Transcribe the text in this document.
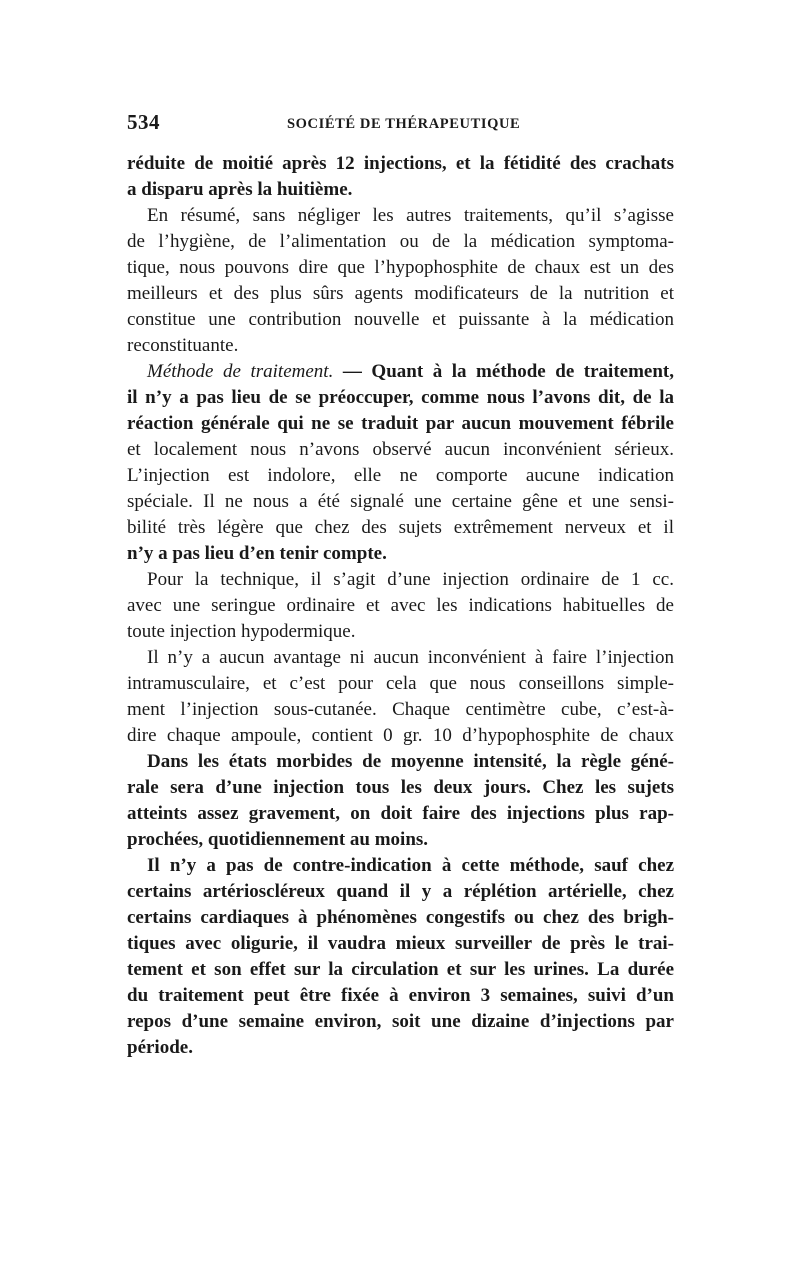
534	SOCIÉTÉ DE THÉRAPEUTIQUE
réduite de moitié après 12 injections, et la fétidité des crachats
a disparu après la huitième.
En résumé, sans négliger les autres traitements, qu’il s’agisse
de l’hygiène, de l’alimentation ou de la médication symptoma-
tique, nous pouvons dire que l’hypophosphite de chaux est un des
meilleurs et des plus sûrs agents modificateurs de la nutrition et
constitue une contribution nouvelle et puissante à la médication
reconstituante.
Méthode de traitement. — Quant à la méthode de traitement,
il n’y a pas lieu de se préoccuper, comme nous l’avons dit, de la
réaction générale qui ne se traduit par aucun mouvement fébrile
et localement nous n’avons observé aucun inconvénient sérieux.
L’injection est indolore, elle ne comporte aucune indication
spéciale. Il ne nous a été signalé une certaine gêne et une sensi-
bilité très légère que chez des sujets extrêmement nerveux et il
n’y a pas lieu d’en tenir compte.
Pour la technique, il s’agit d’une injection ordinaire de 1 cc.
avec une seringue ordinaire et avec les indications habituelles de
toute injection hypodermique.
Il n’y a aucun avantage ni aucun inconvénient à faire l’injection
intramusculaire, et c’est pour cela que nous conseillons simple-
ment l’injection sous-cutanée. Chaque centimètre cube, c’est-à-
dire chaque ampoule, contient 0 gr. 10 d’hypophosphite de chaux
Dans les états morbides de moyenne intensité, la règle géné-
rale sera d’une injection tous les deux jours. Chez les sujets
atteints assez gravement, on doit faire des injections plus rap-
prochées, quotidiennement au moins.
Il n’y a pas de contre-indication à cette méthode, sauf chez
certains artérioscléreux quand il y a réplétion artérielle, chez
certains cardiaques à phénomènes congestifs ou chez des brigh-
tiques avec oligurie, il vaudra mieux surveiller de près le trai-
tement et son effet sur la circulation et sur les urines. La durée
du traitement peut être fixée à environ 3 semaines, suivi d’un
repos d’une semaine environ, soit une dizaine d’injections par
période.
